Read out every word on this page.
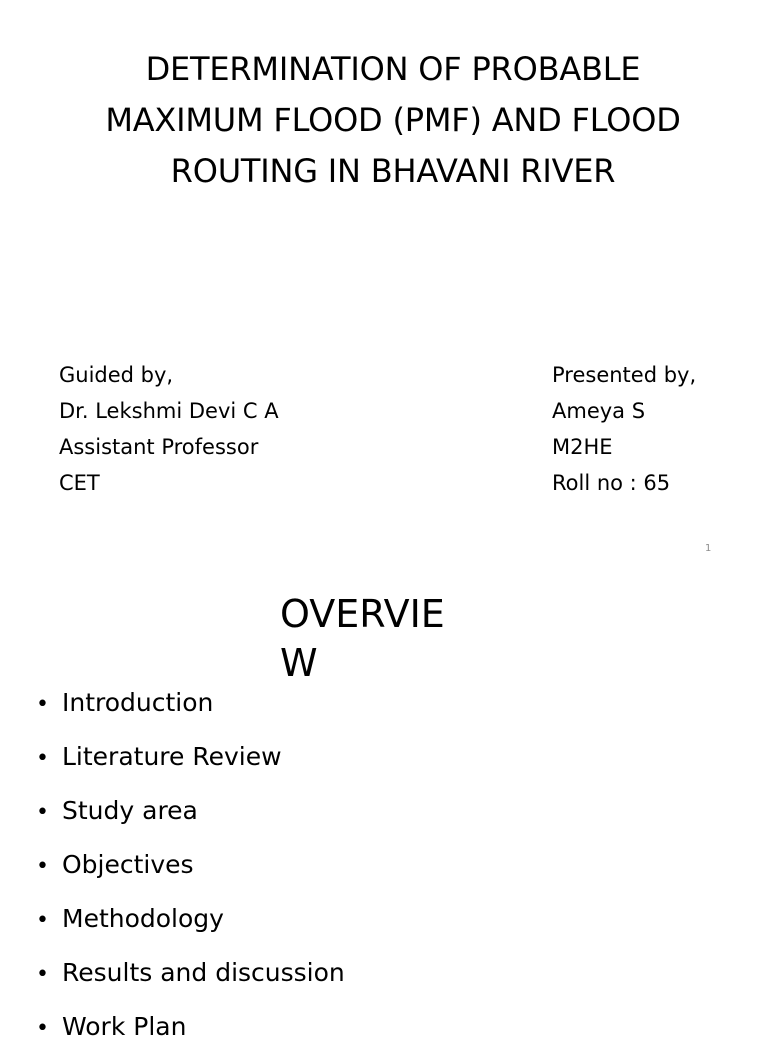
DETERMINATION OF PROBABLE MAXIMUM FLOOD (PMF) AND FLOOD ROUTING IN BHAVANI RIVER
Guided by,
Dr. Lekshmi Devi C A
Assistant Professor
CET
Presented by,
Ameya S
M2HE
Roll no : 65
1
OVERVIEW
• Introduction
• Literature Review
• Study area
• Objectives
• Methodology
• Results and discussion
• Work Plan
